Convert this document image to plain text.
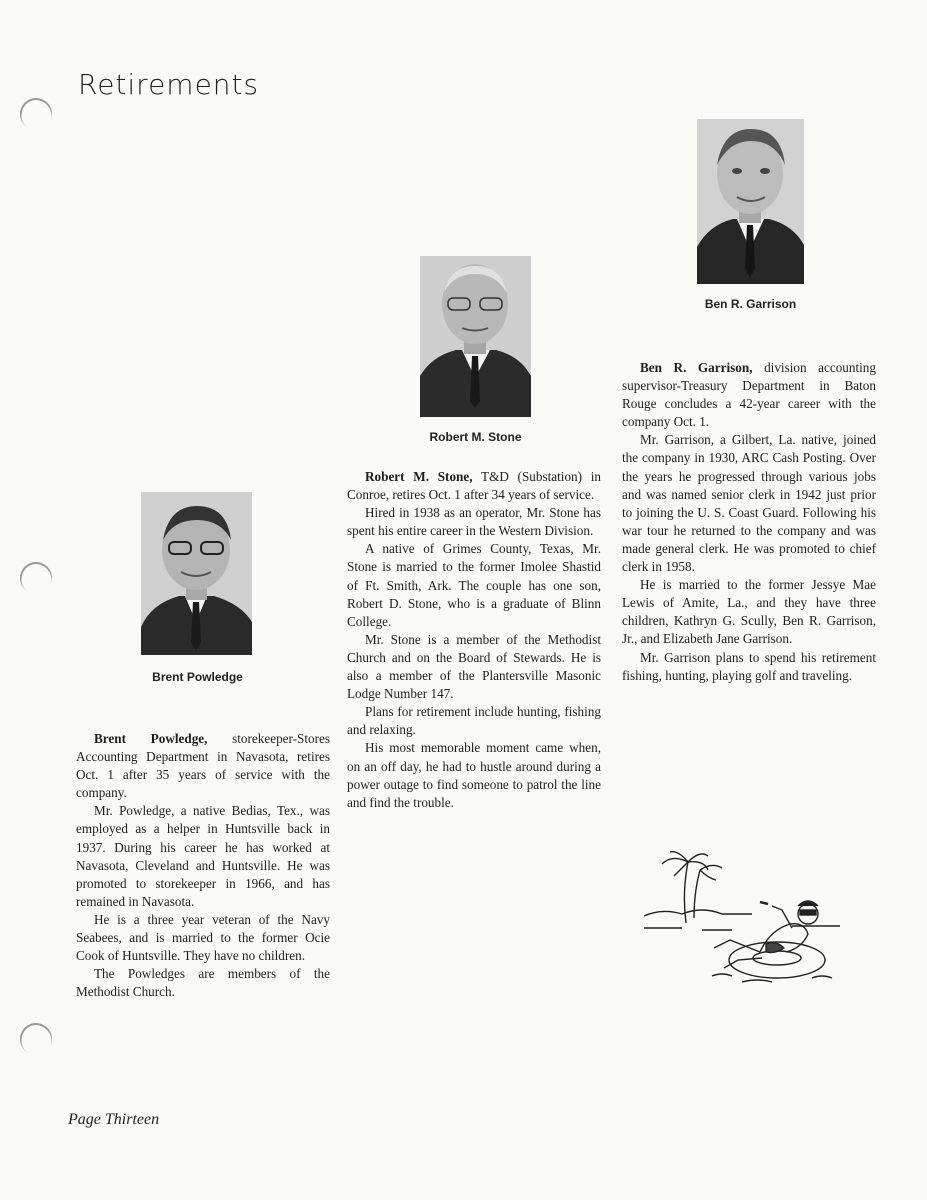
Retirements
Brent Powledge
Robert M. Stone
Ben R. Garrison

Brent Powledge, storekeeper-Stores Accounting Department in Navasota, retires Oct. 1 after 35 years of service with the company.

Mr. Powledge, a native Bedias, Tex., was employed as a helper in Huntsville back in 1937. During his career he has worked at Navasota, Cleveland and Huntsville. He was promoted to storekeeper in 1966, and has remained in Navasota.

He is a three year veteran of the Navy Seabees, and is married to the former Ocie Cook of Huntsville. They have no children.

The Powledges are members of the Methodist Church.

Robert M. Stone, T&D (Substation) in Conroe, retires Oct. 1 after 34 years of service.

Hired in 1938 as an operator, Mr. Stone has spent his entire career in the Western Division.

A native of Grimes County, Texas, Mr. Stone is married to the former Imolee Shastid of Ft. Smith, Ark. The couple has one son, Robert D. Stone, who is a graduate of Blinn College.

Mr. Stone is a member of the Methodist Church and on the Board of Stewards. He is also a member of the Plantersville Masonic Lodge Number 147.

Plans for retirement include hunting, fishing and relaxing.

His most memorable moment came when, on an off day, he had to hustle around during a power outage to find someone to patrol the line and find the trouble.

Ben R. Garrison, division accounting supervisor-Treasury Department in Baton Rouge concludes a 42-year career with the company Oct. 1.

Mr. Garrison, a Gilbert, La. native, joined the company in 1930, ARC Cash Posting. Over the years he progressed through various jobs and was named senior clerk in 1942 just prior to joining the U. S. Coast Guard. Following his war tour he returned to the company and was made general clerk. He was promoted to chief clerk in 1958.

He is married to the former Jessye Mae Lewis of Amite, La., and they have three children, Kathryn G. Scully, Ben R. Garrison, Jr., and Elizabeth Jane Garrison.

Mr. Garrison plans to spend his retirement fishing, hunting, playing golf and traveling.

Page Thirteen
